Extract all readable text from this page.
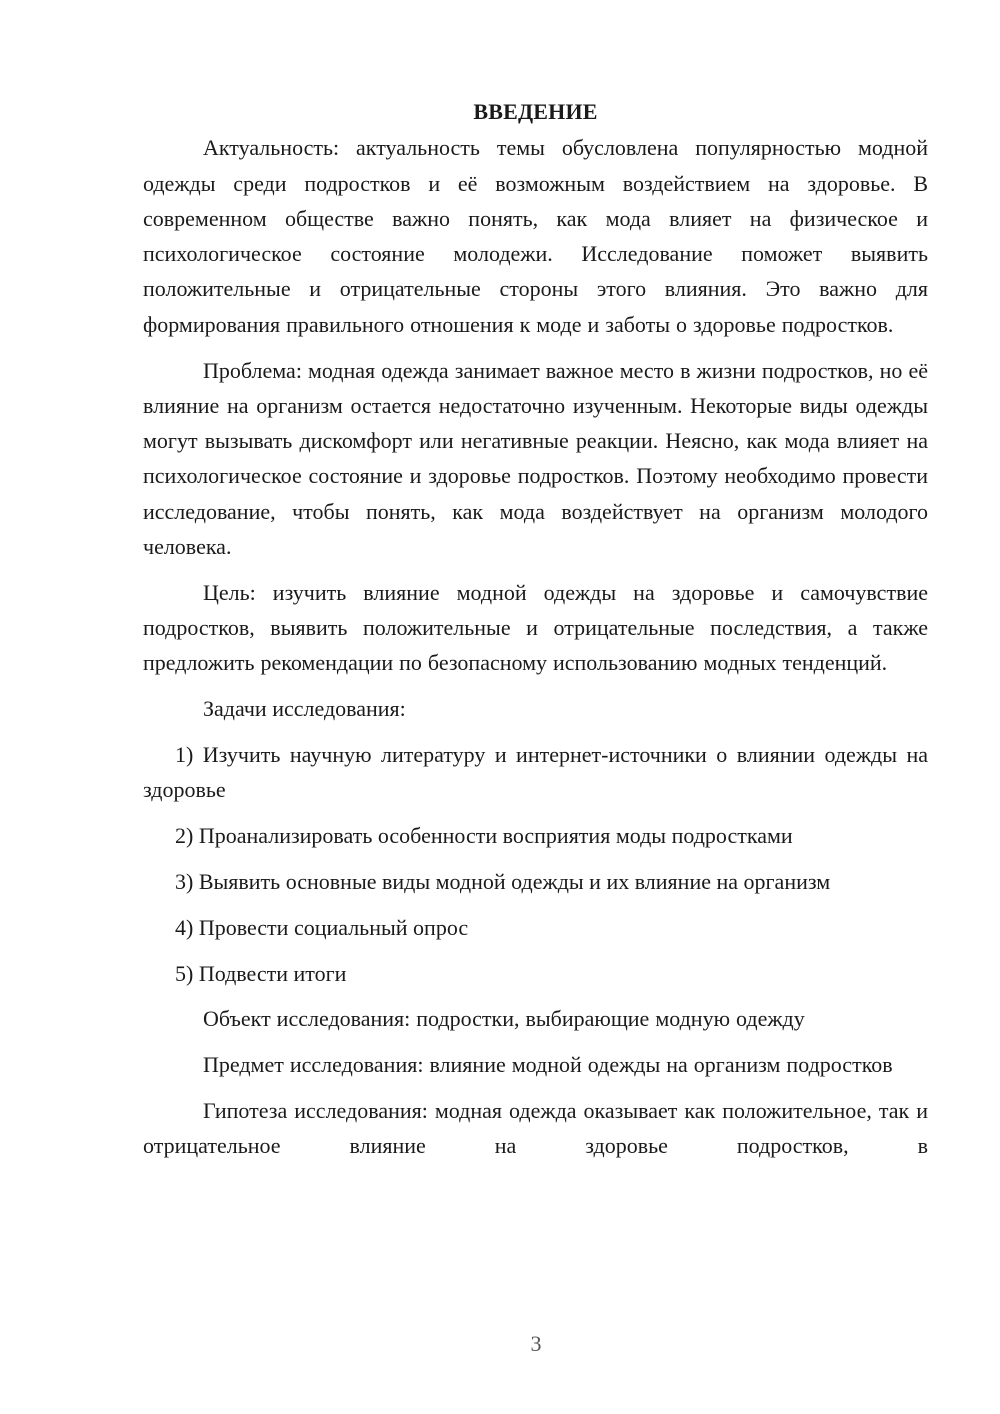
ВВЕДЕНИЕ

Актуальность: актуальность темы обусловлена популярностью модной одежды среди подростков и её возможным воздействием на здоровье. В современном обществе важно понять, как мода влияет на физическое и психологическое состояние молодежи. Исследование поможет выявить положительные и отрицательные стороны этого влияния. Это важно для формирования правильного отношения к моде и заботы о здоровье подростков.

Проблема: модная одежда занимает важное место в жизни подростков, но её влияние на организм остается недостаточно изученным. Некоторые виды одежды могут вызывать дискомфорт или негативные реакции. Неясно, как мода влияет на психологическое состояние и здоровье подростков. Поэтому необходимо провести исследование, чтобы понять, как мода воздействует на организм молодого человека.

Цель: изучить влияние модной одежды на здоровье и самочувствие подростков, выявить положительные и отрицательные последствия, а также предложить рекомендации по безопасному использованию модных тенденций.

Задачи исследования:

1) Изучить научную литературу и интернет-источники о влиянии одежды на здоровье

2) Проанализировать особенности восприятия моды подростками

3) Выявить основные виды модной одежды и их влияние на организм

4) Провести социальный опрос

5) Подвести итоги

Объект исследования: подростки, выбирающие модную одежду

Предмет исследования: влияние модной одежды на организм подростков

Гипотеза исследования: модная одежда оказывает как положительное, так и отрицательное влияние на здоровье подростков, в

3
